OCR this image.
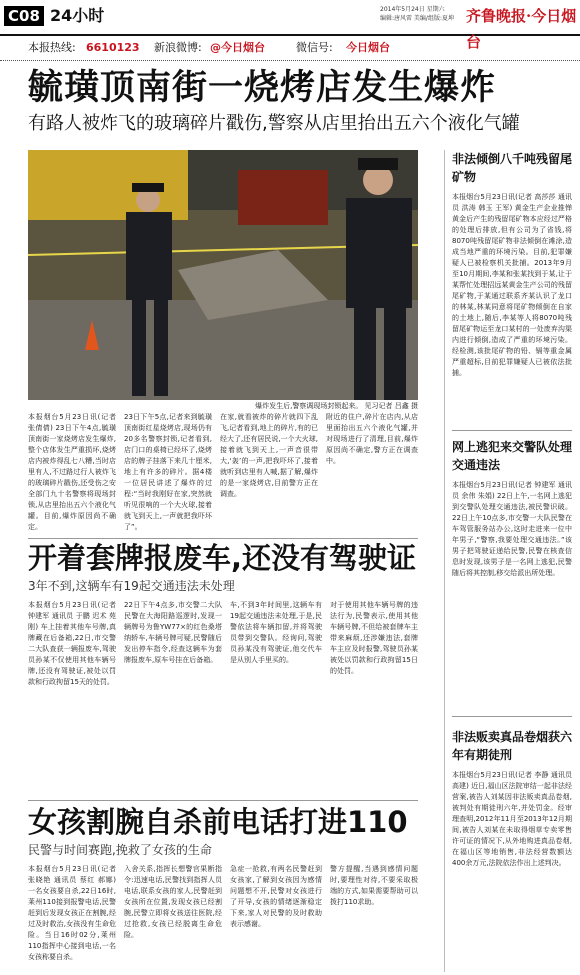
C08 24小时	2014年5月24日 星期六
编辑:唐风雷 美编/组版:夏坤 齐鲁晚报·今日烟台
本报热线: 6610123 新浪微博: @今日烟台	微信号: 今日烟台
毓璜顶南街一烧烤店发生爆炸
有路人被炸飞的玻璃碎片戳伤,警察从店里抬出五六个液化气罐
爆炸发生后,警察调现场封锁起来。 见习记者 吕鑫 摄
本报烟台5月23日讯(记者 张倩倩) 23日下午4点,毓璜顶南街一家烧烤店发生爆炸,整个店体发生严重损坏,烧烤店内被炸得乱七八糟,当时店里有人,不过路过行人被炸飞的玻璃碎片戳伤,还受伤之安全部门九十名警察将现场封锁,从店里抬出五六个液化气罐。目前,爆炸原因尚不确定。
23日下午5点,记者来到毓璜顶南街红星烧烤店,现场仍有20多名警察封锁,记者看到,店门口的桌椅已经坏了,烧烤店的牌子挂落下来几十厘米,地上有许多的碎片。据4楼一位居民讲述了爆炸的过程:“当时我刚好在家,突然就听见很响的一个大火球,接着就飞到天上,一声就把我吓坏了”。
在家,就看被炸的碎片就四下乱飞,记者看到,地上的碎片,有的已经大了,还有居民说,一个大火球,接着就飞到天上,一声音很带大,‘轰’的一声,把我吓坏了,接着就听到店里有人喊,据了解,爆炸的是一家烧烤店,目前警方正在调查。
附近的住户,碎片在店内,从店里面抬出五六个液化气罐,并对现场进行了清理,目前,爆炸原因尚不确定,警方正在调查中。
开着套牌报废车,还没有驾驶证
3年不到,这辆车有19起交通违法未处理
本报烟台5月23日讯(记者 钟建军 通讯员 于鹏 迟术 苑刚) 车上挂着其他车号牌,真牌藏在后备箱,22日,市交警二大队查获一辆报废车,驾驶员孙某不仅使用其他车辆号牌,还没有驾驶证,被处以罚款和行政拘留15天的处罚。
22日下午4点多,市交警二大队民警在大海阳路巡逻时,发现一辆牌号为鲁YW77×的红色桑塔纳轿车,车辆号牌可疑,民警随后发出停车指令,经查这辆车为套牌报废车,原车号挂在后备箱。
车,不到3年时间里,这辆车有19起交通违法未处理,于是,民警依法将车辆扣留,并将驾驶员带到交警队。经询问,驾驶员孙某没有驾驶证,他交代车是从别人手里买的。
对于使用其他车辆号牌的违法行为,民警表示,使用其他车辆号牌,不但给被套牌车主带来麻烦,还涉嫌违法,套牌车主应及时报警,驾驶员孙某被处以罚款和行政拘留15日的处罚。
女孩割腕自杀前电话打进110
民警与时间赛跑,挽救了女孩的生命
本报烟台5月23日讯(记者 张晓艳 通讯员 蔡红 郝娜) 一名女孩要自杀,22日16时,莱州110接到报警电话,民警赶到后发现女孩正在割腕,经过及时救治,女孩没有生命危险。当日16时02分,莱州110指挥中心接到电话,一名女孩称要自杀。
入舍关系,指挥长想警官果断指令:迅速电话,民警找到指挥人员电话,联系女孩的家人,民警赶到女孩所在位置,发现女孩已经割腕,民警立即将女孩送往医院,经过抢救,女孩已经脱离生命危险。
急症一抢救,有两名民警赶到女孩家,了解到女孩因为感情问题想不开,民警对女孩进行了开导,女孩的情绪逐渐稳定下来,家人对民警的及时救助表示感谢。
警方提醒,当遇到感情问题时,要理性对待,不要采取极端的方式,如果需要帮助可以拨打110求助。
非法倾倒八千吨残留尾矿物
本报烟台5月23日讯(记者 高莎莎 通讯员 洪涛 韩玉 王军) 黄金生产企业推惮黄金后产生的残留尾矿物本应经过严格的处理后排放,但有公司为了省钱,将8070吨残留尾矿物非法倾倒在滩涂,造成当地严重的环境污染。目前,犯罪嫌疑人已被检察机关批捕。2013年9月至10月期间,李某和张某找到于某,让于某帮忙处理招远某黄金生产公司的残留尾矿物,于某通过联系齐某认识了龙口的林某,林某同意将尾矿物倾倒在自家的土地上,随后,李某等人将8070吨残留尾矿物运至龙口某村的一处废弃沟渠内进行倾倒,造成了严重的环境污染。经检测,该批尾矿物的铅、镉等重金属严重超标,目前犯罪嫌疑人已被依法批捕。
网上逃犯来交警队处理交通违法
本报烟台5月23日讯(记者 钟建军 通讯员 余伟 朱娟) 22日上午,一名网上逃犯到交警队处理交通违法,被民警识破。22日上午10点多,市交警一大队民警在车驾管服务站办公,这时走进来一位中年男子,“警察,我要处理交通违法。”该男子把驾驶证递给民警,民警在核查信息时发现,该男子是一名网上逃犯,民警随后将其控制,移交给派出所处理。
非法贩卖真品卷烟获六年有期徒刑
本报烟台5月23日讯(记者 李静 通讯员 高建) 近日,福山区法院审结一起非法经营案,被告人刘某因非法贩卖真品卷烟,被判处有期徒刑六年,并处罚金。经审理查明,2012年11月至2013年12月期间,被告人刘某在未取得烟草专卖零售许可证的情况下,从外地购进真品卷烟,在福山区等地销售,非法经营数额达400余万元,法院依法作出上述判决。
